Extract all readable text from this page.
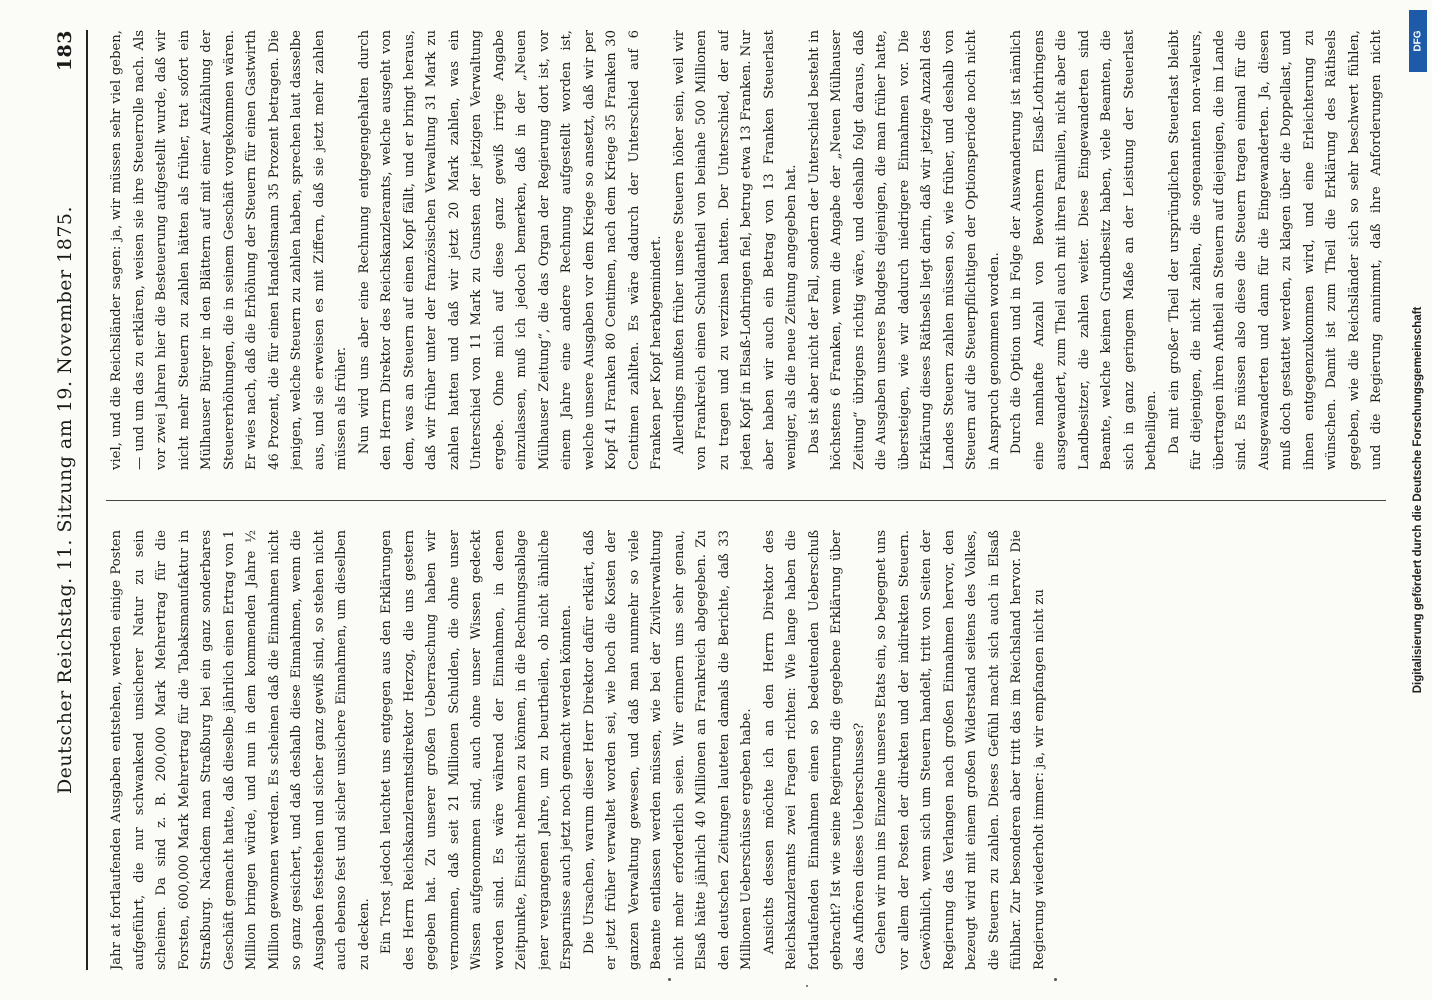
Deutscher Reichstag. 11. Sitzung am 19. November 1875.
183

Jahr at fortlaufenden Ausgaben entstehen, werden einige Posten aufgeführt, die nur schwankend unsicherer Natur zu sein scheinen. Da sind z. B. 200,000 Mark Mehrertrag für die Forsten, 600,000 Mark Mehrertrag für die Tabaksmanufaktur in Straßburg. Nachdem man Straßburg bei ein ganz sonderbares Geschäft gemacht hatte, daß dieselbe jährlich einen Ertrag von 1 Million bringen würde, und nun in dem kommenden Jahre ½ Million gewonnen werden. Es scheinen daß die Einnahmen nicht so ganz gesichert, und daß deshalb diese Einnahmen, wenn die Ausgaben feststehen und sicher ganz gewiß sind, so stehen nicht auch ebenso fest und sicher unsichere Einnahmen, um dieselben zu decken. Ein Trost jedoch leuchtet uns entgegen aus den Erklärungen des Herrn Reichskanzleramtsdirektor Herzog, die uns gestern gegeben hat. Zu unserer großen Ueberraschung haben wir vernommen, daß seit 21 Millionen Schulden, die ohne unser Wissen aufgenommen sind, auch ohne unser Wissen gedeckt worden sind. Es wäre während der Einnahmen, in denen Zeitpunkte, Einsicht nehmen zu können, in die Rechnungsablage jener vergangenen Jahre, um zu beurtheilen, ob nicht ähnliche Ersparnisse auch jetzt noch gemacht werden könnten. Die Ursachen, warum dieser Herr Direktor dafür erklärt, daß er jetzt früher verwaltet worden sei, wie hoch die Kosten der ganzen Verwaltung gewesen, und daß man nunmehr so viele Beamte entlassen werden müssen, wie bei der Zivilverwaltung nicht mehr erforderlich seien. Wir erinnern uns sehr genau, Elsaß hätte jährlich 40 Millionen an Frankreich abgegeben. Zu den deutschen Zeitungen lauteten damals die Berichte, daß 33 Millionen Ueberschüsse ergeben habe. Ansichts dessen möchte ich an den Herrn Direktor des Reichskanzleramts zwei Fragen richten: Wie lange haben die fortlaufenden Einnahmen einen so bedeutenden Ueberschuß gebracht? Ist wie seine Regierung die gegebene Erklärung über das Aufhören dieses Ueberschusses? Gehen wir nun ins Einzelne unseres Etats ein, so begegnet uns vor allem der Posten der direkten und der indirekten Steuern. Gewöhnlich, wenn sich um Steuern handelt, tritt von Seiten der Regierung das Verlangen nach großen Einnahmen hervor, den bezeugt wird mit einem großen Widerstand seitens des Volkes, die Steuern zu zahlen. Dieses Gefühl macht sich auch in Elsaß fühlbar. Zur besonderen aber tritt das im Reichsland hervor. Die Regierung wiederholt immer: ja, wir empfangen nicht zu

viel, und die Reichsländer sagen: ja, wir müssen sehr viel geben, — und um das zu erklären, weisen sie ihre Steuerrolle nach. Als vor zwei Jahren hier die Besteuerung aufgestellt wurde, daß wir nicht mehr Steuern zu zahlen hätten als früher, trat sofort ein Mülhauser Bürger in den Blättern auf mit einer Aufzählung der Steuererhöhungen, die in seinem Geschäft vorgekommen wären. Er wies nach, daß die Erhöhung der Steuern für einen Gastwirth 46 Prozent, die für einen Handelsmann 35 Prozent betragen. Die jenigen, welche Steuern zu zahlen haben, sprechen laut dasselbe aus, und sie erweisen es mit Ziffern, daß sie jetzt mehr zahlen müssen als früher. Nun wird uns aber eine Rechnung entgegengehalten durch den Herrn Direktor des Reichskanzleramts, welche ausgeht von dem, was an Steuern auf einen Kopf fällt, und er bringt heraus, daß wir früher unter der französischen Verwaltung 31 Mark zu zahlen hatten und daß wir jetzt 20 Mark zahlen, was ein Unterschied von 11 Mark zu Gunsten der jetzigen Verwaltung ergebe. Ohne mich auf diese ganz gewiß irrige Angabe einzulassen, muß ich jedoch bemerken, daß in der „Neuen Mülhauser Zeitung“, die das Organ der Regierung dort ist, vor einem Jahre eine andere Rechnung aufgestellt worden ist, welche unsere Ausgaben vor dem Kriege so ansetzt, daß wir per Kopf 41 Franken 80 Centimen, nach dem Kriege 35 Franken 30 Centimen zahlten. Es wäre dadurch der Unterschied auf 6 Franken per Kopf herabgemindert. Allerdings mußten früher unsere Steuern höher sein, weil wir von Frankreich einen Schuldantheil von beinahe 500 Millionen zu tragen und zu verzinsen hatten. Der Unterschied, der auf jeden Kopf in Elsaß-Lothringen fiel, betrug etwa 13 Franken. Nur aber haben wir auch ein Betrag von 13 Franken Steuerlast weniger, als die neue Zeitung angegeben hat. Das ist aber nicht der Fall, sondern der Unterschied besteht in höchstens 6 Franken, wenn die Angabe der „Neuen Mülhauser Zeitung“ übrigens richtig wäre, und deshalb folgt daraus, daß die Ausgaben unseres Budgets diejenigen, die man früher hatte, übersteigen, wie wir dadurch niedrigere Einnahmen vor. Die Erklärung dieses Räthsels liegt darin, daß wir jetzige Anzahl des Landes Steuern zahlen müssen so, wie früher, und deshalb von Steuern auf die Steuerpflichtigen der Optionsperiode noch nicht in Anspruch genommen worden. Durch die Option und in Folge der Auswanderung ist nämlich eine namhafte Anzahl von Bewohnern Elsaß-Lothringens ausgewandert, zum Theil auch mit ihren Familien, nicht aber die Landbesitzer, die zahlen weiter. Diese Eingewanderten sind Beamte, welche keinen Grundbesitz haben, viele Beamten, die sich in ganz geringem Maße an der Leistung der Steuerlast betheiligen. Da mit ein großer Theil der ursprünglichen Steuerlast bleibt für diejenigen, die nicht zahlen, die sogenannten non-valeurs, übertragen ihren Antheil an Steuern auf diejenigen, die im Lande sind. Es müssen also diese die Steuern tragen einmal für die Ausgewanderten und dann für die Eingewanderten. Ja, diesen muß doch gestattet werden, zu klagen über die Doppellast, und ihnen entgegenzukommen wird, und eine Erleichterung zu wünschen. Damit ist zum Theil die Erklärung des Räthsels gegeben, wie die Reichsländer sich so sehr beschwert fühlen, und die Regierung annimmt, daß ihre Anforderungen nicht	DFG
Digitalisierung gefördert durch die Deutsche Forschungsgemeinschaft
